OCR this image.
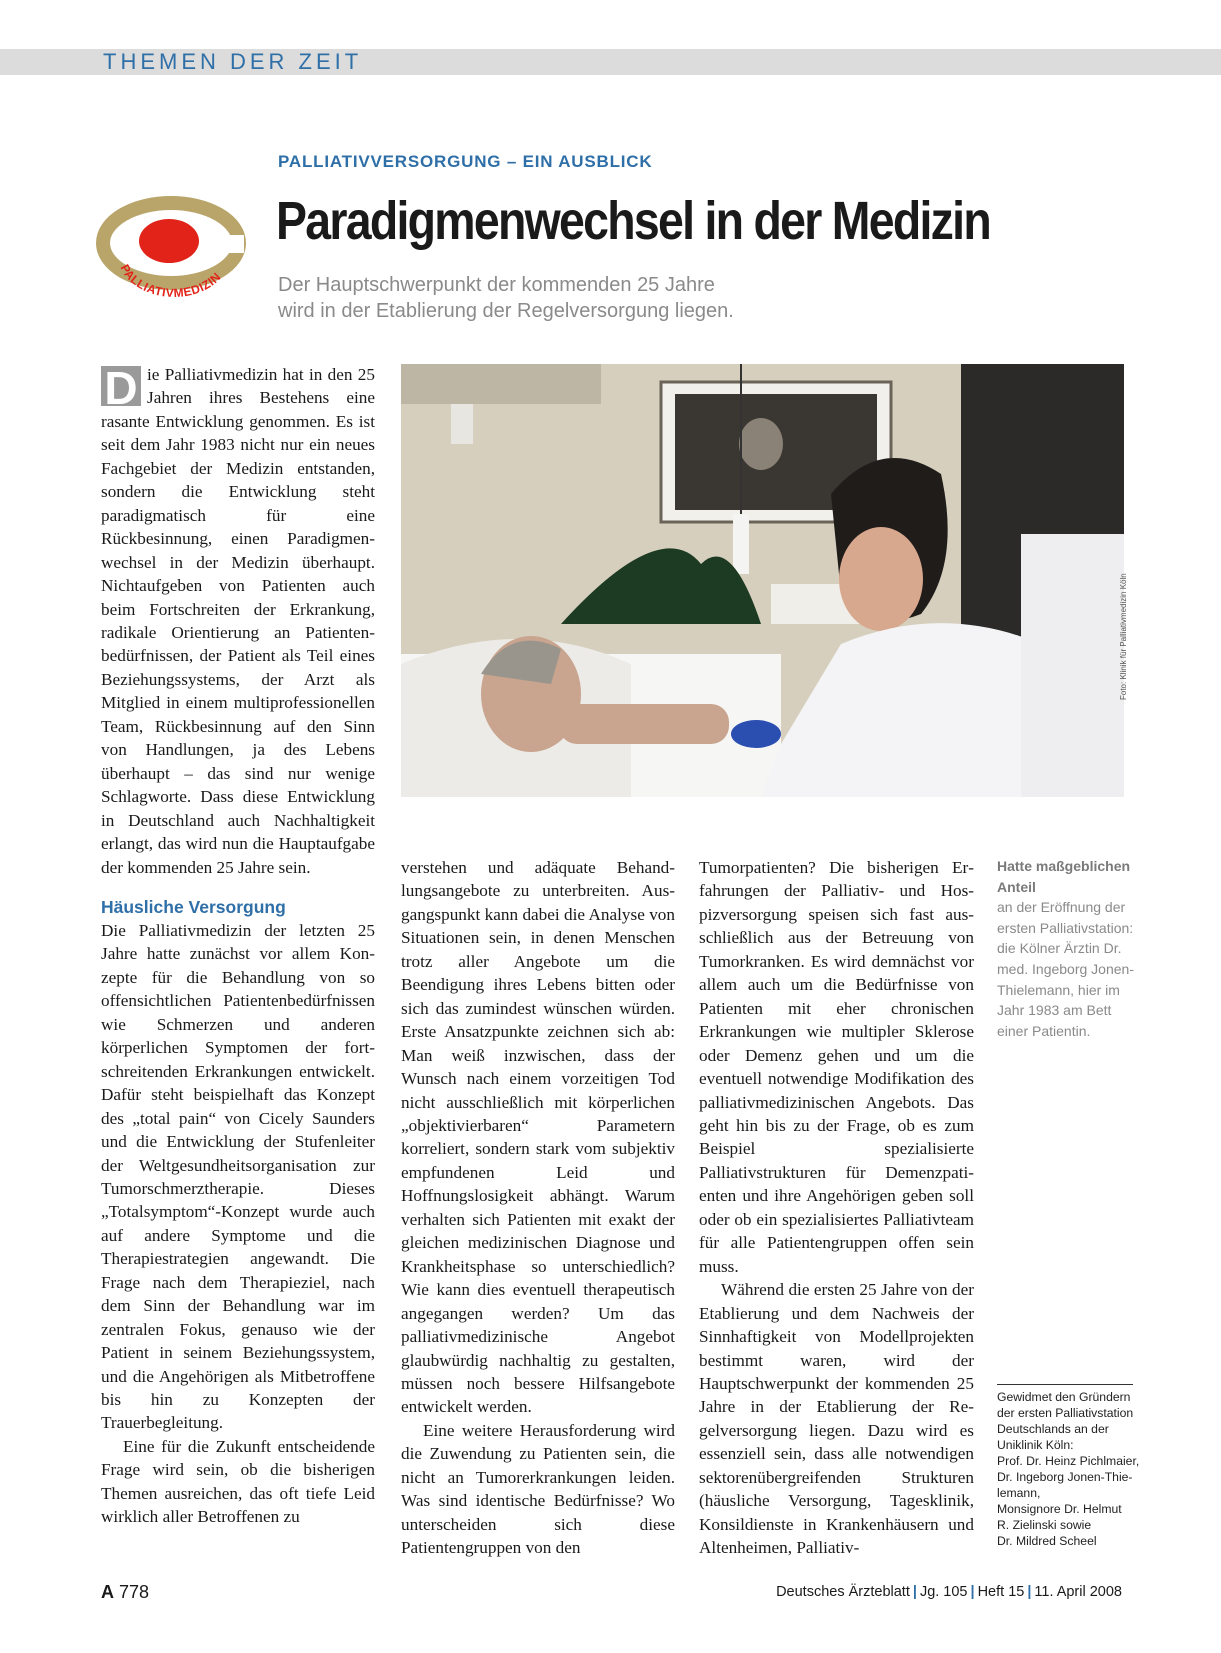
THEMEN DER ZEIT
PALLIATIVMEDIZIN
PALLIATIVVERSORGUNG – EIN AUSBLICK
Paradigmenwechsel in der Medizin
Der Hauptschwerpunkt der kommenden 25 Jahre
wird in der Etablierung der Regelversorgung liegen.

D ie Palliativmedizin hat in den 25 Jahren ihres Bestehens eine rasante Entwicklung genommen. Es ist seit dem Jahr 1983 nicht nur ein neues Fachgebiet der Medizin entstanden, sondern die Entwicklung steht paradigmatisch für eine Rückbesinnung, einen Paradigmenwechsel in der Medizin überhaupt. Nichtaufgeben von Patienten auch beim Fortschreiten der Erkrankung, radikale Orientierung an Patientenbedürfnissen, der Patient als Teil eines Beziehungssystems, der Arzt als Mitglied in einem multiprofessionellen Team, Rückbesinnung auf den Sinn von Handlungen, ja des Lebens überhaupt – das sind nur wenige Schlagworte. Dass diese Entwicklung in Deutschland auch Nachhaltigkeit erlangt, das wird nun die Hauptaufgabe der kommenden 25 Jahre sein.

Häusliche Versorgung

Die Palliativmedizin der letzten 25 Jahre hatte zunächst vor allem Konzepte für die Behandlung von so offensichtlichen Patientenbedürfnissen wie Schmerzen und anderen körperlichen Symptomen der fortschreitenden Erkrankungen entwickelt. Dafür steht beispielhaft das Konzept des „total pain“ von Cicely Saunders und die Entwicklung der Stufenleiter der Weltgesundheitsorganisation zur Tumorschmerztherapie. Dieses „Totalsymptom“-Konzept wurde auch auf andere Symptome und die Therapiestrategien angewandt. Die Frage nach dem Therapieziel, nach dem Sinn der Behandlung war im zentralen Fokus, genauso wie der Patient in seinem Beziehungssystem, und die Angehörigen als Mitbetroffene bis hin zu Konzepten der Trauerbegleitung.

Eine für die Zukunft entscheidende Frage wird sein, ob die bisherigen Themen ausreichen, das oft tiefe Leid wirklich aller Betroffenen zu

Foto: Klinik für Palliativmedizin Köln

verstehen und adäquate Behandlungsangebote zu unterbreiten. Ausgangspunkt kann dabei die Analyse von Situationen sein, in denen Menschen trotz aller Angebote um die Beendigung ihres Lebens bitten oder sich das zumindest wünschen würden. Erste Ansatzpunkte zeichnen sich ab: Man weiß inzwischen, dass der Wunsch nach einem vorzeitigen Tod nicht ausschließlich mit körperlichen „objektivierbaren“ Parametern korreliert, sondern stark vom subjektiv empfundenen Leid und Hoffnungslosigkeit abhängt. Warum verhalten sich Patienten mit exakt der gleichen medizinischen Diagnose und Krankheitsphase so unterschiedlich? Wie kann dies eventuell therapeutisch angegangen werden? Um das palliativmedizinische Angebot glaubwürdig nachhaltig zu gestalten, müssen noch bessere Hilfsangebote entwickelt werden.

Eine weitere Herausforderung wird die Zuwendung zu Patienten sein, die nicht an Tumorerkrankungen leiden. Was sind identische Bedürfnisse? Wo unterscheiden sich diese Patientengruppen von den

Tumorpatienten? Die bisherigen Erfahrungen der Palliativ- und Hospizversorgung speisen sich fast ausschließlich aus der Betreuung von Tumorkranken. Es wird demnächst vor allem auch um die Bedürfnisse von Patienten mit eher chronischen Erkrankungen wie multipler Sklerose oder Demenz gehen und um die eventuell notwendige Modifikation des palliativmedizinischen Angebots. Das geht hin bis zu der Frage, ob es zum Beispiel spezialisierte Palliativstrukturen für Demenzpatienten und ihre Angehörigen geben soll oder ob ein spezialisiertes Palliativteam für alle Patientengruppen offen sein muss.

Während die ersten 25 Jahre von der Etablierung und dem Nachweis der Sinnhaftigkeit von Modellprojekten bestimmt waren, wird der Hauptschwerpunkt der kommenden 25 Jahre in der Etablierung der Regelversorgung liegen. Dazu wird es essenziell sein, dass alle notwendigen sektorenübergreifenden Strukturen (häusliche Versorgung, Tagesklinik, Konsildienste in Krankenhäusern und Altenheimen, Palliativ-

Hatte maßgeblichen Anteil
an der Eröffnung der ersten Palliativstation: die Kölner Ärztin Dr. med. Ingeborg Jonen-Thielemann, hier im Jahr 1983 am Bett einer Patientin.
Gewidmet den Gründern
der ersten Palliativstation
Deutschlands an der
Uniklinik Köln:
Prof. Dr. Heinz Pichlmaier,
Dr. Ingeborg Jonen-Thie-
lemann,
Monsignore Dr. Helmut
R. Zielinski sowie
Dr. Mildred Scheel
A 778	Deutsches Ärzteblatt | Jg. 105 | Heft 15 | 11. April 2008
